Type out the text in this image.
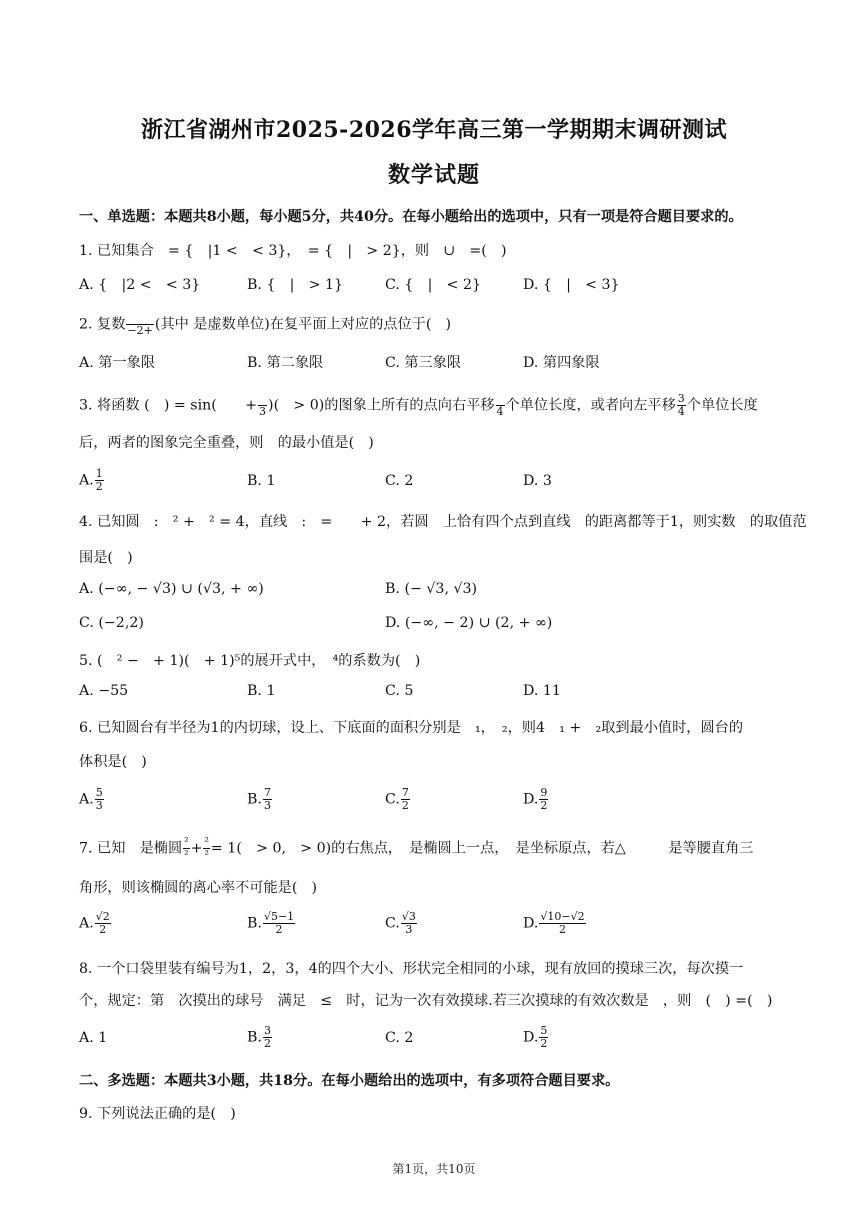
浙江省湖州市2025-2026学年高三第一学期期末调研测试
数学试题
一、单选题：本题共8小题，每小题5分，共40分。在每小题给出的选项中，只有一项是符合题目要求的。
1. 已知集合　= {　|1 <　< 3}，　= {　|　> 2}，则　∪　=(　)
A. {　|2 <　< 3}	B. {　|　> 1}	C. {　|　< 2}	D. {　|　< 3}
2. 复数 −2+ (其中 是虚数单位)在复平面上对应的点位于(　)
A. 第一象限	B. 第二象限	C. 第三象限	D. 第四象限
3. 将函数 (　) = sin(　　+ 3 )(　> 0)的图象上所有的点向右平移 4 个单位长度，或者向左平移 $\frac{3}{4}$ 个单位长度
后，两者的图象完全重叠，则　的最小值是(　)
A. $\frac{1}{2}$	B. 1	C. 2	D. 3
4. 已知圆　:　² +　² = 4，直线　:　=　　+ 2，若圆　上恰有四个点到直线　的距离都等于1，则实数　的取值范
围是(　)
A. (−∞, − √3) ∪ (√3, + ∞)	B. (− √3, √3)
C. (−2,2)	D. (−∞, − 2) ∪ (2, + ∞)
5. (　² −　+ 1)(　+ 1)⁵的展开式中，　⁴的系数为(　)
A. −55	B. 1	C. 5	D. 11
6. 已知圆台有半径为1的内切球，设上、下底面的面积分别是　₁，　₂，则4　₁ +　₂取到最小值时，圆台的
体积是(　)
A. $\frac{5}{3}$	B. $\frac{7}{3}$	C. $\frac{7}{2}$	D. $\frac{9}{2}$
7. 已知　是椭圆 $\frac{\text{²}}{\text{²}} + \frac{\text{²}}{\text{²}} = 1$(　> 0,　> 0)的右焦点，　是椭圆上一点，　是坐标原点，若△　　　是等腰直角三
角形，则该椭圆的离心率不可能是(　)
A. $\frac{√2}{2}$	B. $\frac{√5-1}{2}$	C. $\frac{√3}{3}$	D. $\frac{√10-√2}{2}$
8. 一个口袋里装有编号为1，2，3，4的四个大小、形状完全相同的小球，现有放回的摸球三次，每次摸一
个，规定：第　次摸出的球号　满足　≤　时，记为一次有效摸球.若三次摸球的有效次数是　，则　(　) =(　)
A. 1	B. $\frac{3}{2}$	C. 2	D. $\frac{5}{2}$
二、多选题：本题共3小题，共18分。在每小题给出的选项中，有多项符合题目要求。
9. 下列说法正确的是(　)
第1页，共10页
